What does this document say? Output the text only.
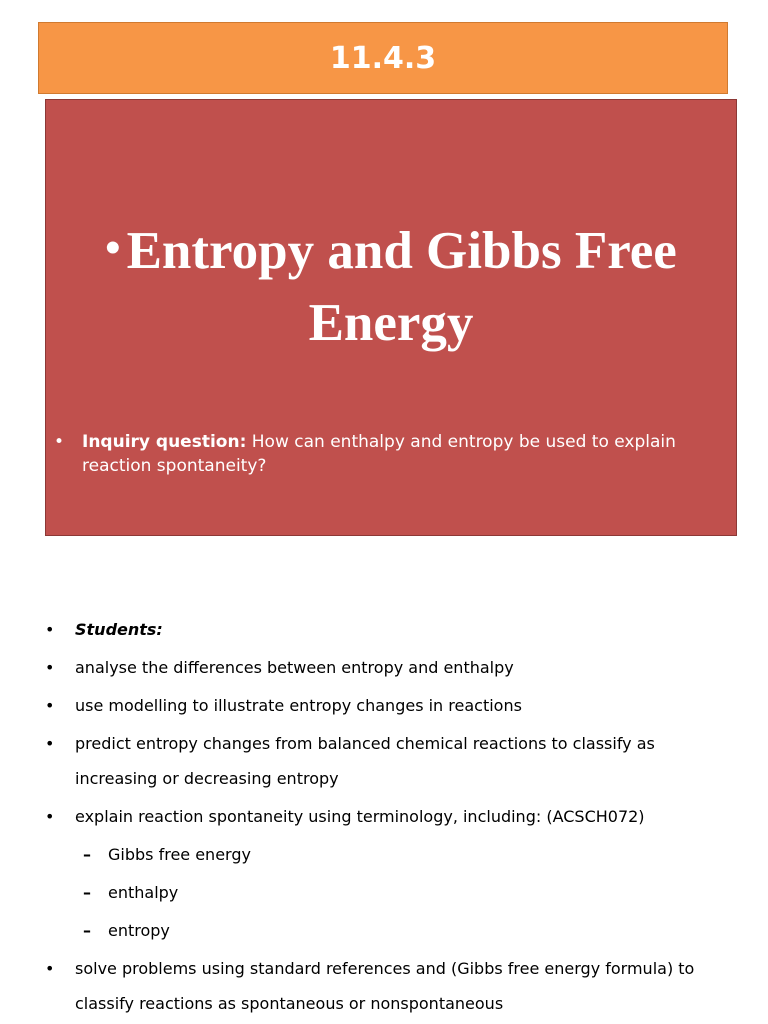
11.4.3
• Entropy and Gibbs Free Energy
• Inquiry question: How can enthalpy and entropy be used to explain reaction spontaneity?
• Students:
• analyse the differences between entropy and enthalpy
• use modelling to illustrate entropy changes in reactions
• predict entropy changes from balanced chemical reactions to classify as increasing or decreasing entropy
• explain reaction spontaneity using terminology, including: (ACSCH072)
– Gibbs free energy
– enthalpy
– entropy
• solve problems using standard references and (Gibbs free energy formula) to classify reactions as spontaneous or nonspontaneous
